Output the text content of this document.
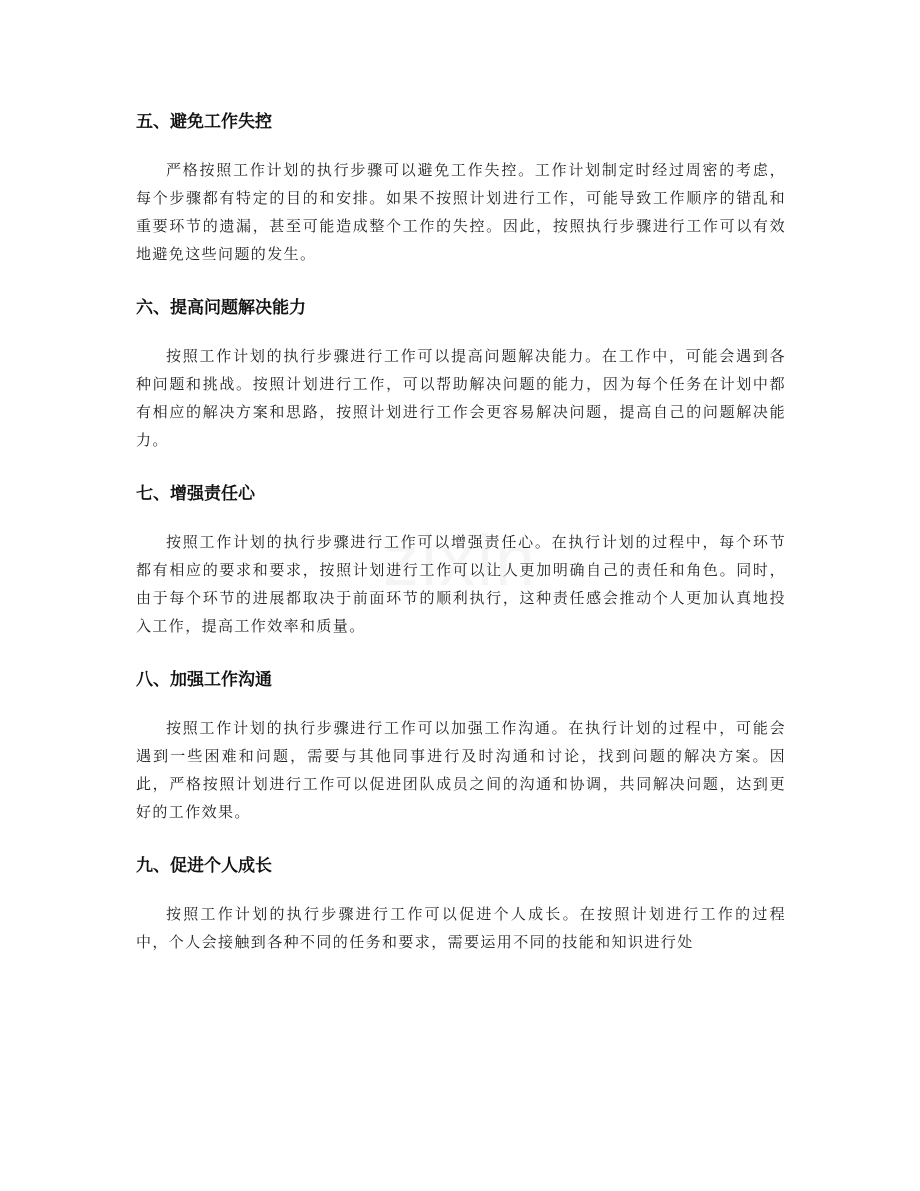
五、避免工作失控

严格按照工作计划的执行步骤可以避免工作失控。工作计划制定时经过周密的考虑，每个步骤都有特定的目的和安排。如果不按照计划进行工作，可能导致工作顺序的错乱和重要环节的遗漏，甚至可能造成整个工作的失控。因此，按照执行步骤进行工作可以有效地避免这些问题的发生。

六、提高问题解决能力

按照工作计划的执行步骤进行工作可以提高问题解决能力。在工作中，可能会遇到各种问题和挑战。按照计划进行工作，可以帮助解决问题的能力，因为每个任务在计划中都有相应的解决方案和思路，按照计划进行工作会更容易解决问题，提高自己的问题解决能力。

七、增强责任心

按照工作计划的执行步骤进行工作可以增强责任心。在执行计划的过程中，每个环节都有相应的要求和要求，按照计划进行工作可以让人更加明确自己的责任和角色。同时，由于每个环节的进展都取决于前面环节的顺利执行，这种责任感会推动个人更加认真地投入工作，提高工作效率和质量。

八、加强工作沟通

按照工作计划的执行步骤进行工作可以加强工作沟通。在执行计划的过程中，可能会遇到一些困难和问题，需要与其他同事进行及时沟通和讨论，找到问题的解决方案。因此，严格按照计划进行工作可以促进团队成员之间的沟通和协调，共同解决问题，达到更好的工作效果。

九、促进个人成长

按照工作计划的执行步骤进行工作可以促进个人成长。在按照计划进行工作的过程中，个人会接触到各种不同的任务和要求，需要运用不同的技能和知识进行处
